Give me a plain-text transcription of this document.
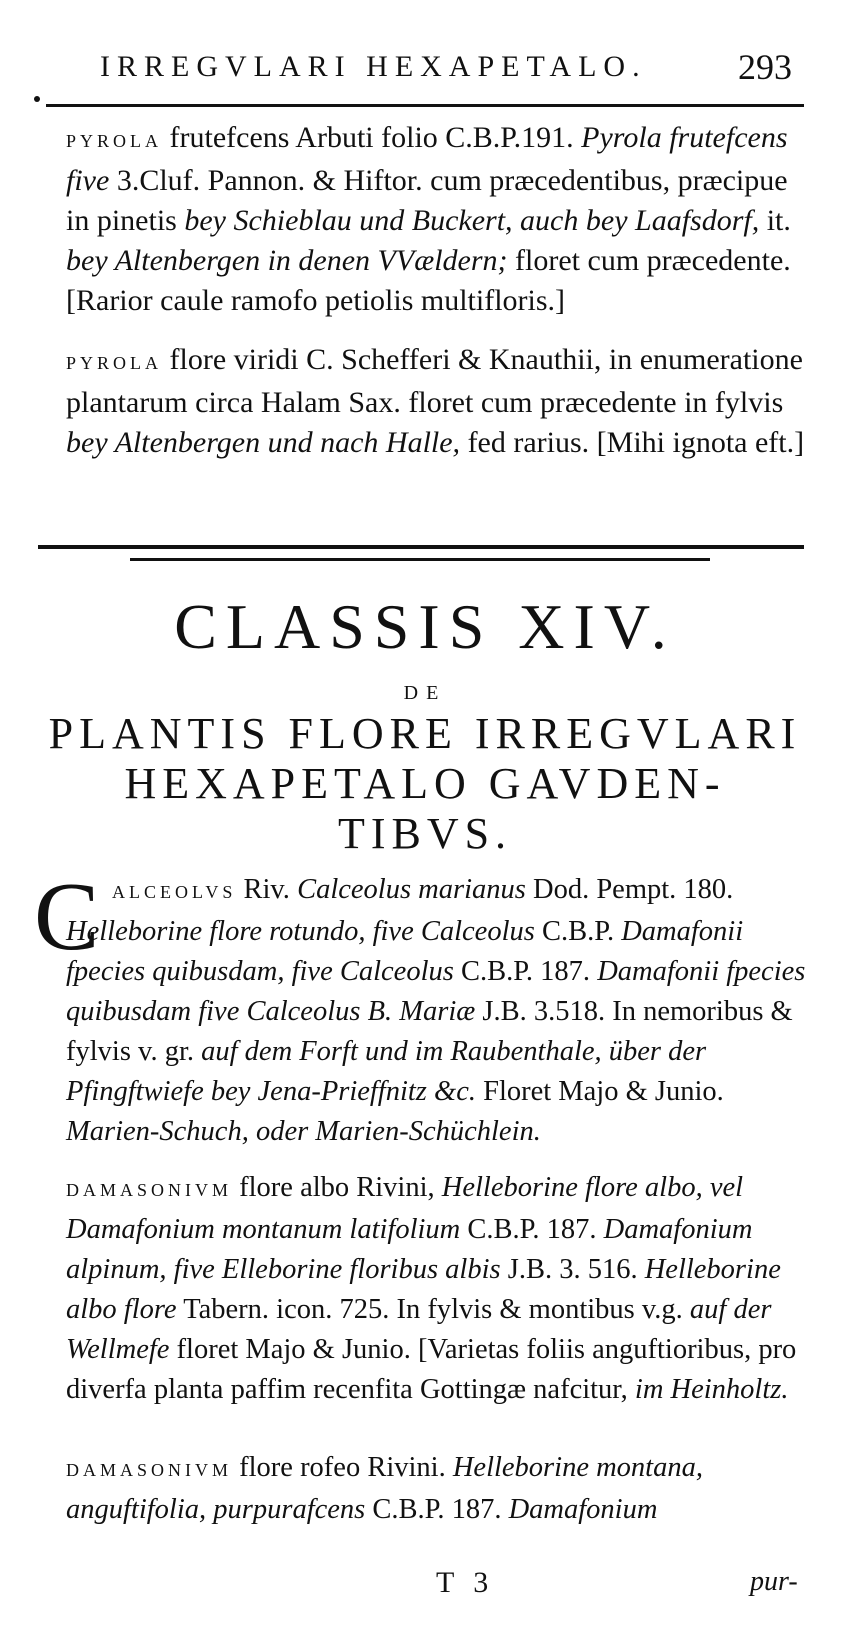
IRREGVLARI HEXAPETALO.	293

PYROLA frutefcens Arbuti folio C.B.P.191. Pyrola frutefcens five 3.Cluf. Pannon. & Hiftor. cum præcedentibus, præcipue in pinetis bey Schieblau und Buckert, auch bey Laafsdorf, it. bey Altenbergen in denen VVældern; floret cum præcedente. [Rarior caule ramofo petiolis multifloris.]

PYROLA flore viridi C. Schefferi & Knauthii, in enumeratione plantarum circa Halam Sax. floret cum præcedente in fylvis bey Altenbergen und nach Halle, fed rarius. [Mihi ignota eft.]

CLASSIS XIV.
DE
PLANTIS FLORE IRREGVLARI
HEXAPETALO GAVDEN-
TIBVS.
C ALCEOLVS Riv. Calceolus marianus Dod. Pempt. 180. Helleborine flore rotundo, five Calceolus C.B.P. Damafonii fpecies quibusdam, five Calceolus C.B.P. 187. Damafonii fpecies quibusdam five Calceolus B. Mariæ J.B. 3.518. In nemoribus & fylvis v. gr. auf dem Forft und im Raubenthale, über der Pfingftwiefe bey Jena-Prieffnitz &c. Floret Majo & Junio. Marien-Schuch, oder Marien-Schüchlein.

DAMASONIVM flore albo Rivini, Helleborine flore albo, vel Damafonium montanum latifolium C.B.P. 187. Damafonium alpinum, five Elleborine floribus albis J.B. 3. 516. Helleborine albo flore Tabern. icon. 725. In fylvis & montibus v.g. auf der Wellmefe floret Majo & Junio. [Varietas foliis anguftioribus, pro diverfa planta paffim recenfita Gottingæ nafcitur, im Heinholtz.

DAMASONIVM flore rofeo Rivini. Helleborine montana, anguftifolia, purpurafcens C.B.P. 187. Damafonium

T 3	pur-
